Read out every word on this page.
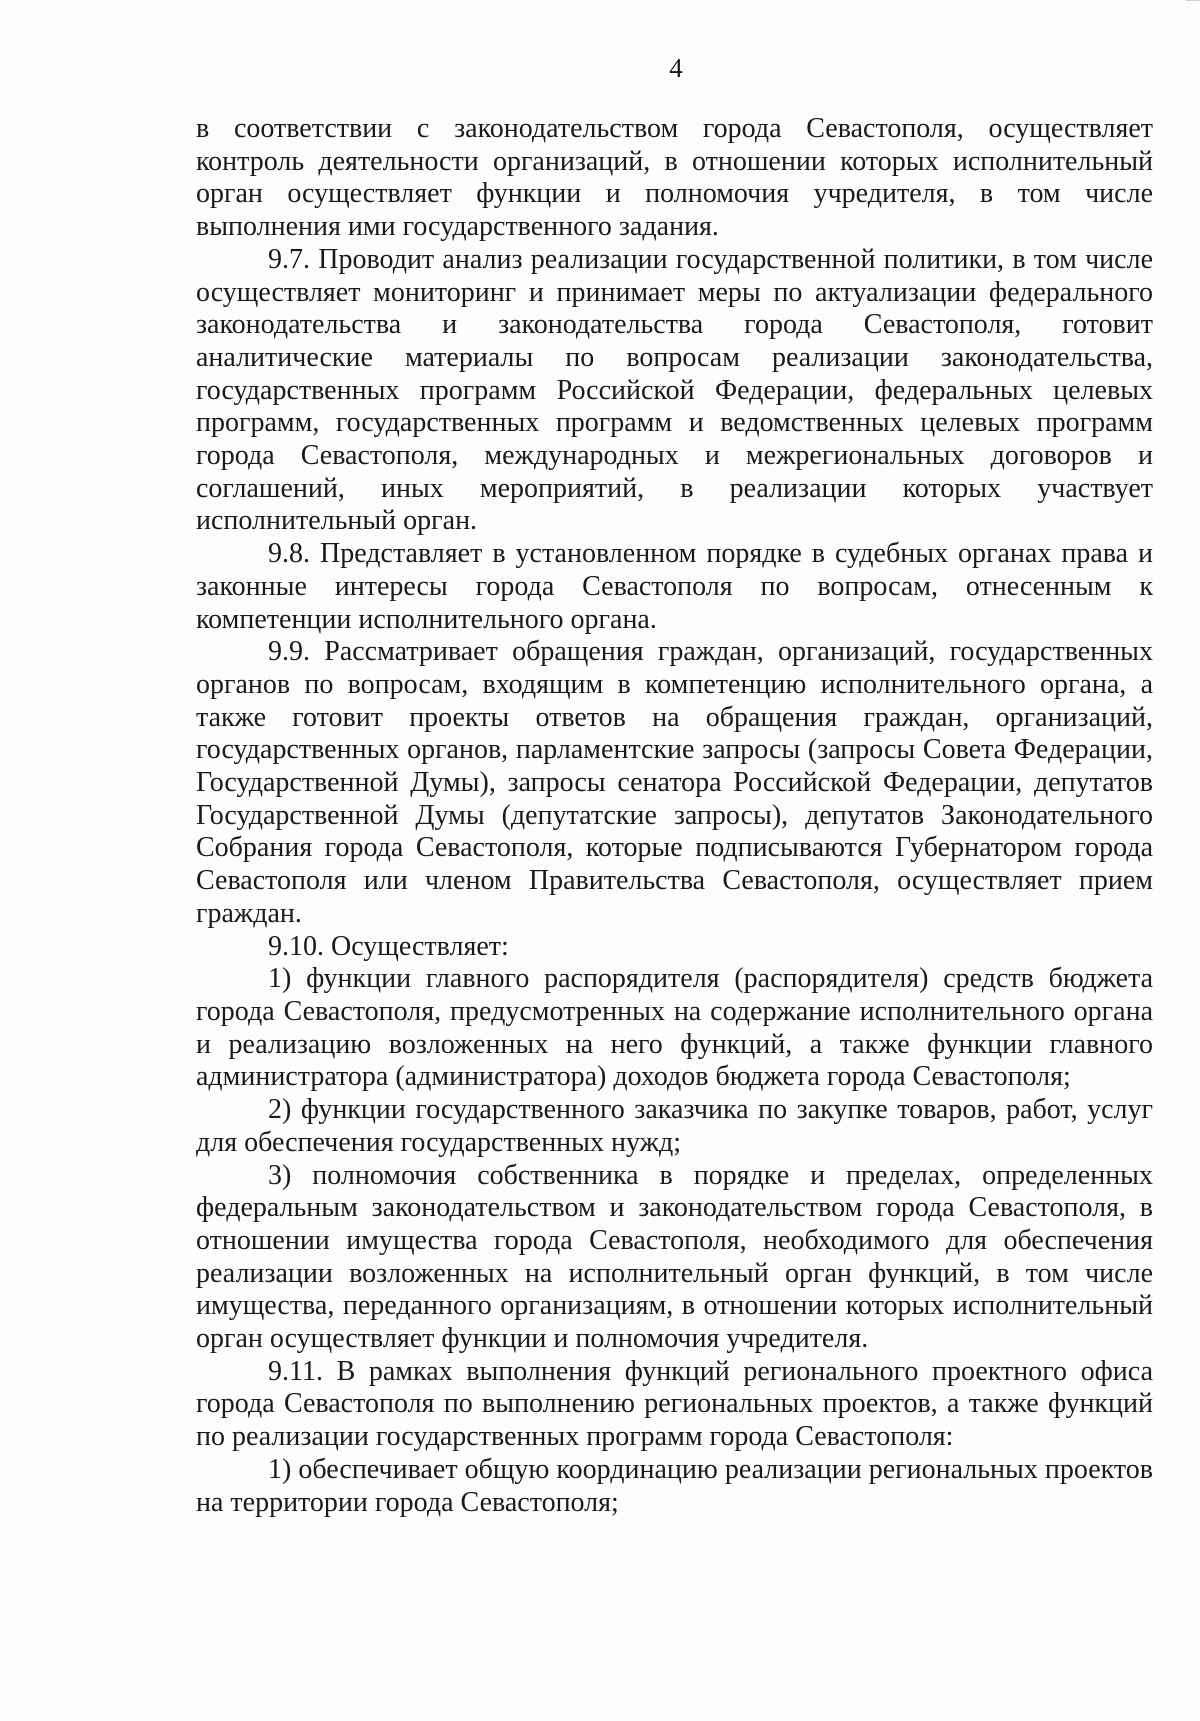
4

в соответствии с законодательством города Севастополя, осуществляет контроль деятельности организаций, в отношении которых исполнительный орган осуществляет функции и полномочия учредителя, в том числе выполнения ими государственного задания.

9.7. Проводит анализ реализации государственной политики, в том числе осуществляет мониторинг и принимает меры по актуализации федерального законодательства и законодательства города Севастополя, готовит аналитические материалы по вопросам реализации законодательства, государственных программ Российской Федерации, федеральных целевых программ, государственных программ и ведомственных целевых программ города Севастополя, международных и межрегиональных договоров и соглашений, иных мероприятий, в реализации которых участвует исполнительный орган.

9.8. Представляет в установленном порядке в судебных органах права и законные интересы города Севастополя по вопросам, отнесенным к компетенции исполнительного органа.

9.9. Рассматривает обращения граждан, организаций, государственных органов по вопросам, входящим в компетенцию исполнительного органа, а также готовит проекты ответов на обращения граждан, организаций, государственных органов, парламентские запросы (запросы Совета Федерации, Государственной Думы), запросы сенатора Российской Федерации, депутатов Государственной Думы (депутатские запросы), депутатов Законодательного Собрания города Севастополя, которые подписываются Губернатором города Севастополя или членом Правительства Севастополя, осуществляет прием граждан.

9.10. Осуществляет:

1) функции главного распорядителя (распорядителя) средств бюджета города Севастополя, предусмотренных на содержание исполнительного органа и реализацию возложенных на него функций, а также функции главного администратора (администратора) доходов бюджета города Севастополя;

2) функции государственного заказчика по закупке товаров, работ, услуг для обеспечения государственных нужд;

3) полномочия собственника в порядке и пределах, определенных федеральным законодательством и законодательством города Севастополя, в отношении имущества города Севастополя, необходимого для обеспечения реализации возложенных на исполнительный орган функций, в том числе имущества, переданного организациям, в отношении которых исполнительный орган осуществляет функции и полномочия учредителя.

9.11. В рамках выполнения функций регионального проектного офиса города Севастополя по выполнению региональных проектов, а также функций по реализации государственных программ города Севастополя:

1) обеспечивает общую координацию реализации региональных проектов на территории города Севастополя;
